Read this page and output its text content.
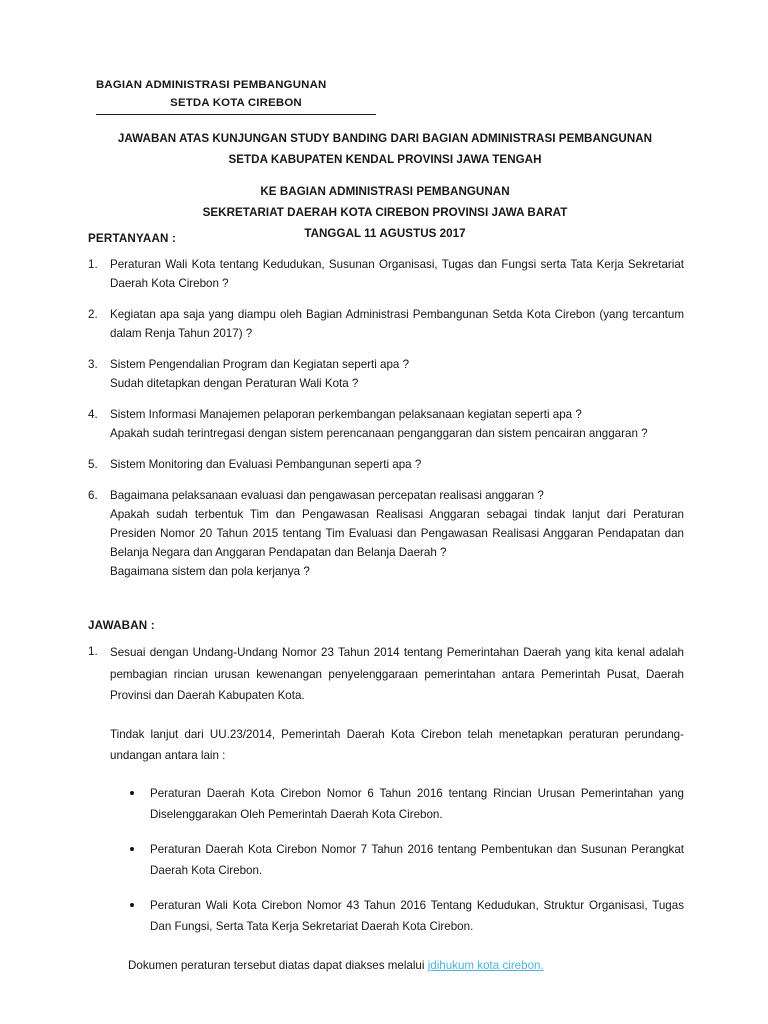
BAGIAN ADMINISTRASI PEMBANGUNAN
SETDA KOTA CIREBON
JAWABAN ATAS KUNJUNGAN STUDY BANDING DARI BAGIAN ADMINISTRASI PEMBANGUNAN
SETDA KABUPATEN KENDAL PROVINSI JAWA TENGAH
KE BAGIAN ADMINISTRASI PEMBANGUNAN
SEKRETARIAT DAERAH KOTA CIREBON PROVINSI JAWA BARAT
TANGGAL 11 AGUSTUS 2017
PERTANYAAN :
1. Peraturan Wali Kota tentang Kedudukan, Susunan Organisasi, Tugas dan Fungsi serta Tata Kerja Sekretariat Daerah Kota Cirebon ?

2. Kegiatan apa saja yang diampu oleh Bagian Administrasi Pembangunan Setda Kota Cirebon (yang tercantum dalam Renja Tahun 2017) ?

3. Sistem Pengendalian Program dan Kegiatan seperti apa ?

Sudah ditetapkan dengan Peraturan Wali Kota ?

4. Sistem Informasi Manajemen pelaporan perkembangan pelaksanaan kegiatan seperti apa ?

Apakah sudah terintregasi dengan sistem perencanaan penganggaran dan sistem pencairan anggaran ?

5. Sistem Monitoring dan Evaluasi Pembangunan seperti apa ?

6. Bagaimana pelaksanaan evaluasi dan pengawasan percepatan realisasi anggaran ?

Apakah sudah terbentuk Tim dan Pengawasan Realisasi Anggaran sebagai tindak lanjut dari Peraturan Presiden Nomor 20 Tahun 2015 tentang Tim Evaluasi dan Pengawasan Realisasi Anggaran Pendapatan dan Belanja Negara dan Anggaran Pendapatan dan Belanja Daerah ?

Bagaimana sistem dan pola kerjanya ?

JAWABAN :
1. Sesuai dengan Undang-Undang Nomor 23 Tahun 2014 tentang Pemerintahan Daerah yang kita kenal adalah pembagian rincian urusan kewenangan penyelenggaraan pemerintahan antara Pemerintah Pusat, Daerah Provinsi dan Daerah Kabupaten Kota.

Tindak lanjut dari UU.23/2014, Pemerintah Daerah Kota Cirebon telah menetapkan peraturan perundang-undangan antara lain :

Peraturan Daerah Kota Cirebon Nomor 6 Tahun 2016 tentang Rincian Urusan Pemerintahan yang Diselenggarakan Oleh Pemerintah Daerah Kota Cirebon.
Peraturan Daerah Kota Cirebon Nomor 7 Tahun 2016 tentang Pembentukan dan Susunan Perangkat Daerah Kota Cirebon.
Peraturan Wali Kota Cirebon Nomor 43 Tahun 2016 Tentang Kedudukan, Struktur Organisasi, Tugas Dan Fungsi, Serta Tata Kerja Sekretariat Daerah Kota Cirebon.

Dokumen peraturan tersebut diatas dapat diakses melalui jdihukum kota cirebon.
